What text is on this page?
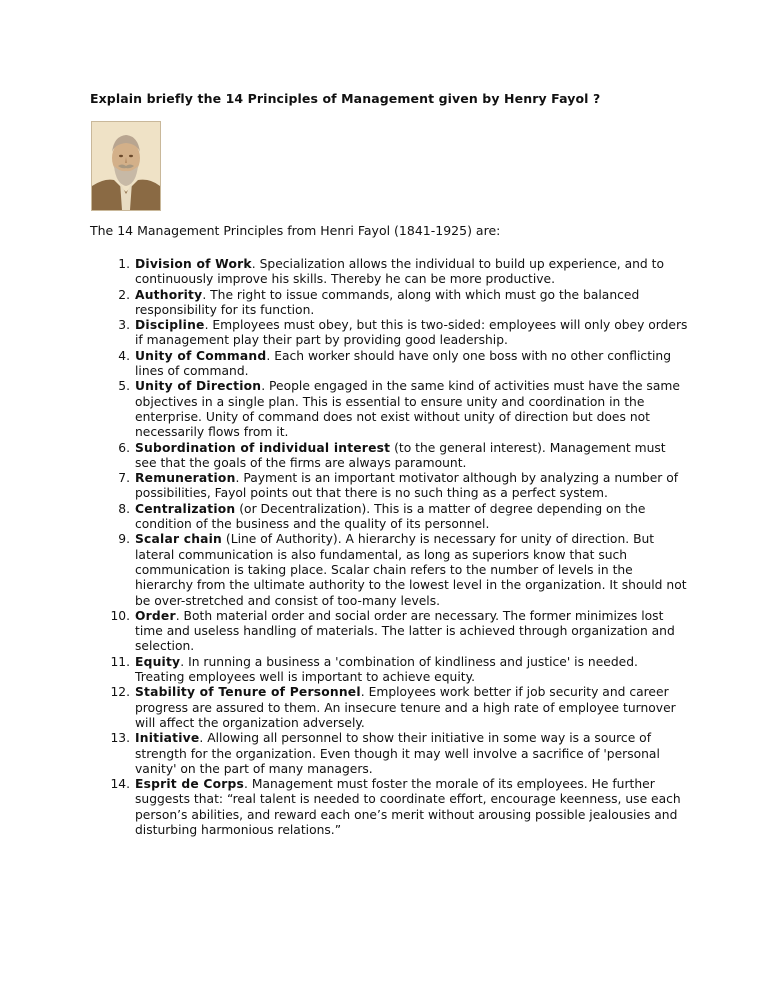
Explain briefly the 14 Principles of Management given by Henry Fayol ?

The 14 Management Principles from Henri Fayol (1841-1925) are:

1. Division of Work. Specialization allows the individual to build up experience, and to continuously improve his skills. Thereby he can be more productive.
2. Authority. The right to issue commands, along with which must go the balanced responsibility for its function.
3. Discipline. Employees must obey, but this is two-sided: employees will only obey orders if management play their part by providing good leadership.
4. Unity of Command. Each worker should have only one boss with no other conflicting lines of command.
5. Unity of Direction. People engaged in the same kind of activities must have the same objectives in a single plan. This is essential to ensure unity and coordination in the enterprise. Unity of command does not exist without unity of direction but does not necessarily flows from it.
6. Subordination of individual interest (to the general interest). Management must see that the goals of the firms are always paramount.
7. Remuneration. Payment is an important motivator although by analyzing a number of possibilities, Fayol points out that there is no such thing as a perfect system.
8. Centralization (or Decentralization). This is a matter of degree depending on the condition of the business and the quality of its personnel.
9. Scalar chain (Line of Authority). A hierarchy is necessary for unity of direction. But lateral communication is also fundamental, as long as superiors know that such communication is taking place. Scalar chain refers to the number of levels in the hierarchy from the ultimate authority to the lowest level in the organization. It should not be over-stretched and consist of too-many levels.
10. Order. Both material order and social order are necessary. The former minimizes lost time and useless handling of materials. The latter is achieved through organization and selection.
11. Equity. In running a business a 'combination of kindliness and justice' is needed. Treating employees well is important to achieve equity.
12. Stability of Tenure of Personnel. Employees work better if job security and career progress are assured to them. An insecure tenure and a high rate of employee turnover will affect the organization adversely.
13. Initiative. Allowing all personnel to show their initiative in some way is a source of strength for the organization. Even though it may well involve a sacrifice of 'personal vanity' on the part of many managers.
14. Esprit de Corps. Management must foster the morale of its employees. He further suggests that: “real talent is needed to coordinate effort, encourage keenness, use each person’s abilities, and reward each one’s merit without arousing possible jealousies and disturbing harmonious relations.”
